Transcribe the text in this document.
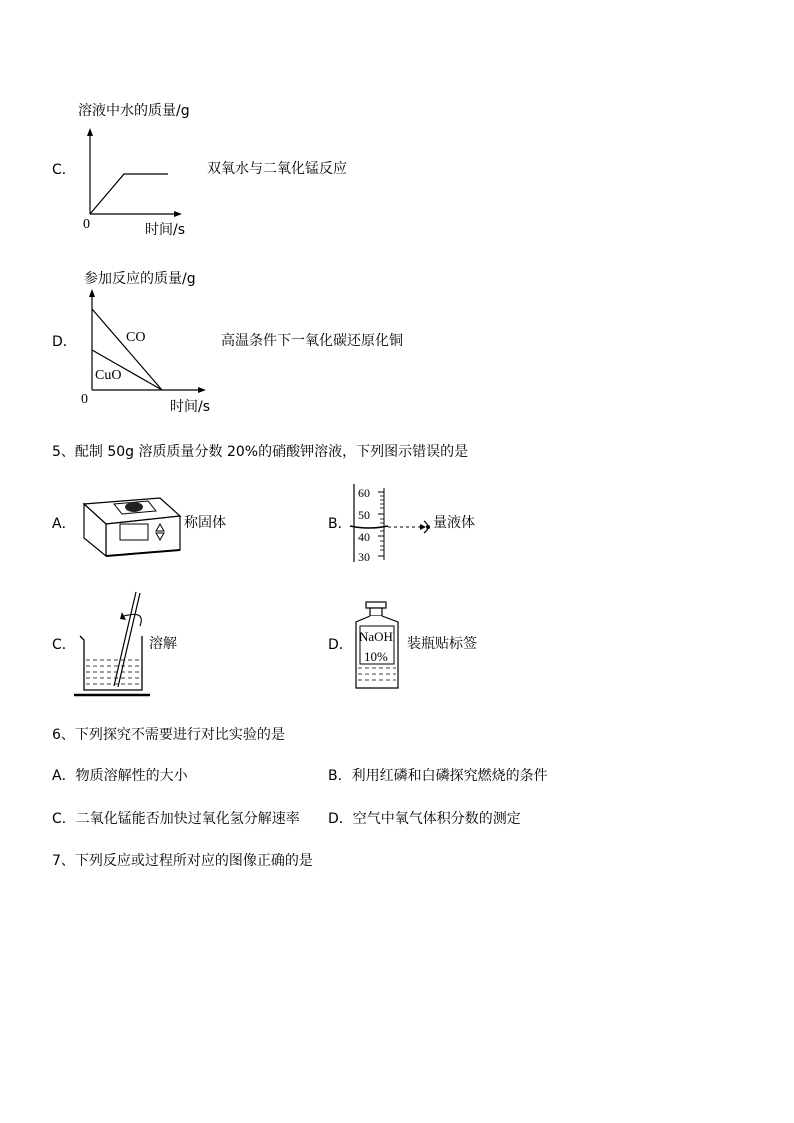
溶液中水的质量/g
C．
0	时间/s
双氧水与二氧化锰反应
参加反应的质量/g
D．	CO
CuO
0	时间/s
高温条件下一氧化碳还原化铜
5、配制 50g 溶质质量分数 20%的硝酸钾溶液，下列图示错误的是
A．	称固体	B．
60
50
40
30
量液体
C．	溶解	D．
NaOH
10%
装瓶贴标签
6、下列探究不需要进行对比实验的是
A．物质溶解性的大小	B．利用红磷和白磷探究燃烧的条件
C．二氧化锰能否加快过氧化氢分解速率 D．空气中氧气体积分数的测定
7、下列反应或过程所对应的图像正确的是
